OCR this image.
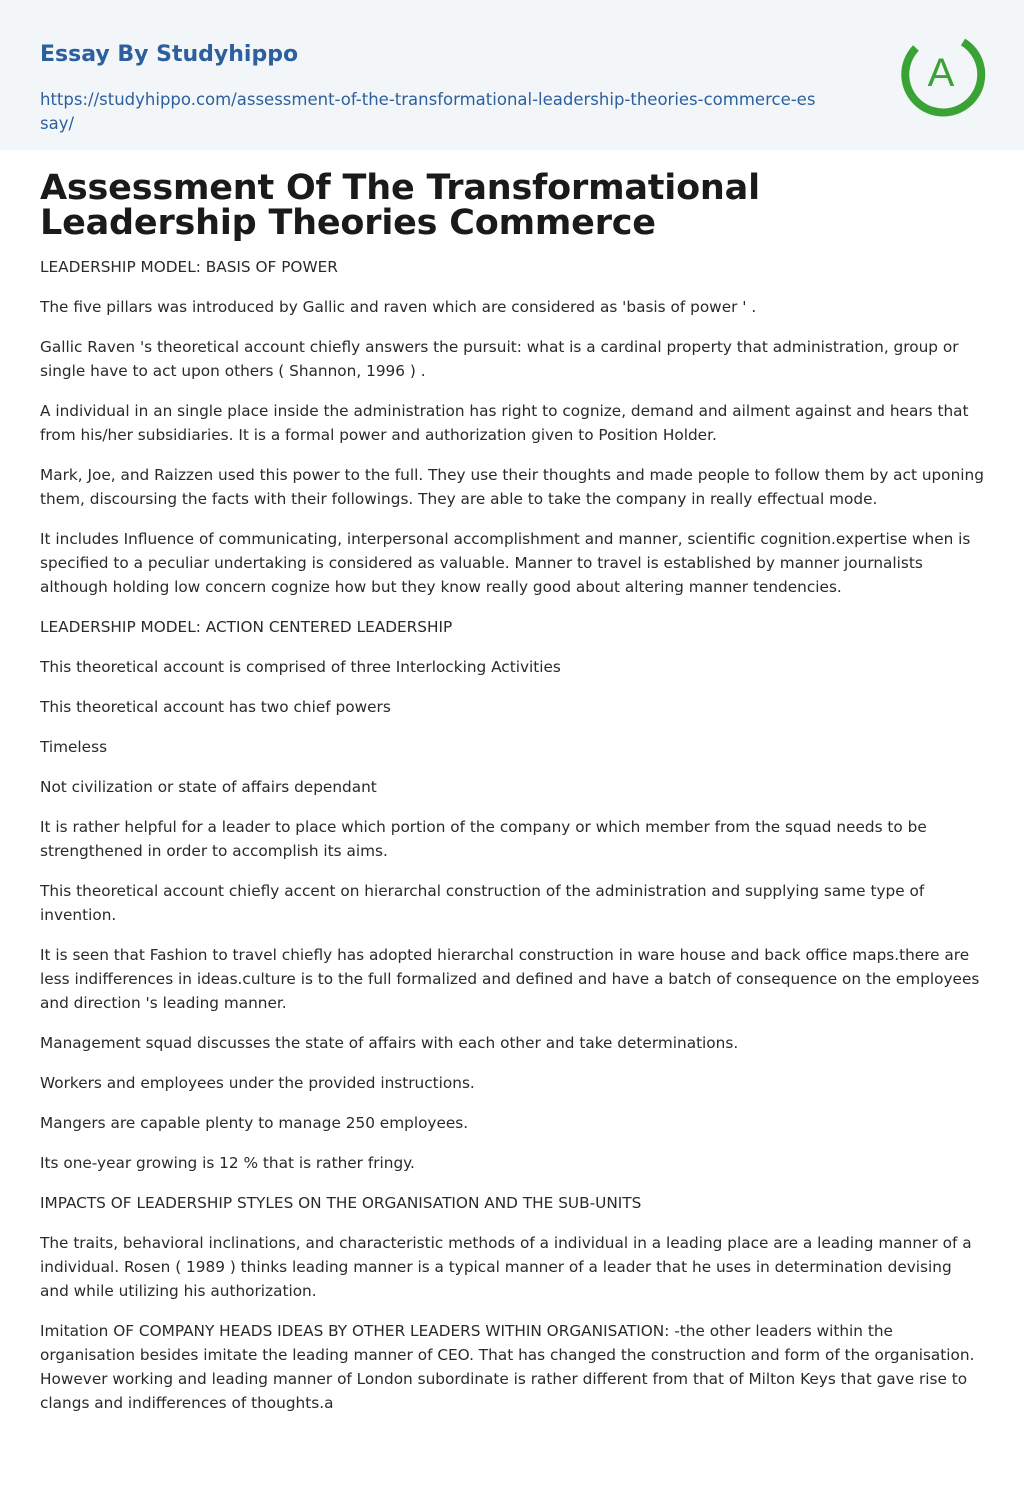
Essay By Studyhippo
https://studyhippo.com/assessment-of-the-transformational-leadership-theories-commerce-essay/
A
Assessment Of The Transformational Leadership Theories Commerce

LEADERSHIP MODEL: BASIS OF POWER

The five pillars was introduced by Gallic and raven which are considered as 'basis of power ' .

Gallic Raven 's theoretical account chiefly answers the pursuit: what is a cardinal property that administration, group or single have to act upon others ( Shannon, 1996 ) .

A individual in an single place inside the administration has right to cognize, demand and ailment against and hears that from his/her subsidiaries. It is a formal power and authorization given to Position Holder.

Mark, Joe, and Raizzen used this power to the full. They use their thoughts and made people to follow them by act uponing them, discoursing the facts with their followings. They are able to take the company in really effectual mode.

It includes Influence of communicating, interpersonal accomplishment and manner, scientific cognition.expertise when is specified to a peculiar undertaking is considered as valuable. Manner to travel is established by manner journalists although holding low concern cognize how but they know really good about altering manner tendencies.

LEADERSHIP MODEL: ACTION CENTERED LEADERSHIP

This theoretical account is comprised of three Interlocking Activities

This theoretical account has two chief powers

Timeless

Not civilization or state of affairs dependant

It is rather helpful for a leader to place which portion of the company or which member from the squad needs to be strengthened in order to accomplish its aims.

This theoretical account chiefly accent on hierarchal construction of the administration and supplying same type of invention.

It is seen that Fashion to travel chiefly has adopted hierarchal construction in ware house and back office maps.there are less indifferences in ideas.culture is to the full formalized and defined and have a batch of consequence on the employees and direction 's leading manner.

Management squad discusses the state of affairs with each other and take determinations.

Workers and employees under the provided instructions.

Mangers are capable plenty to manage 250 employees.

Its one-year growing is 12 % that is rather fringy.

IMPACTS OF LEADERSHIP STYLES ON THE ORGANISATION AND THE SUB-UNITS

The traits, behavioral inclinations, and characteristic methods of a individual in a leading place are a leading manner of a individual. Rosen ( 1989 ) thinks leading manner is a typical manner of a leader that he uses in determination devising and while utilizing his authorization.

Imitation OF COMPANY HEADS IDEAS BY OTHER LEADERS WITHIN ORGANISATION: -the other leaders within the organisation besides imitate the leading manner of CEO. That has changed the construction and form of the organisation. However working and leading manner of London subordinate is rather different from that of Milton Keys that gave rise to clangs and indifferences of thoughts.a
